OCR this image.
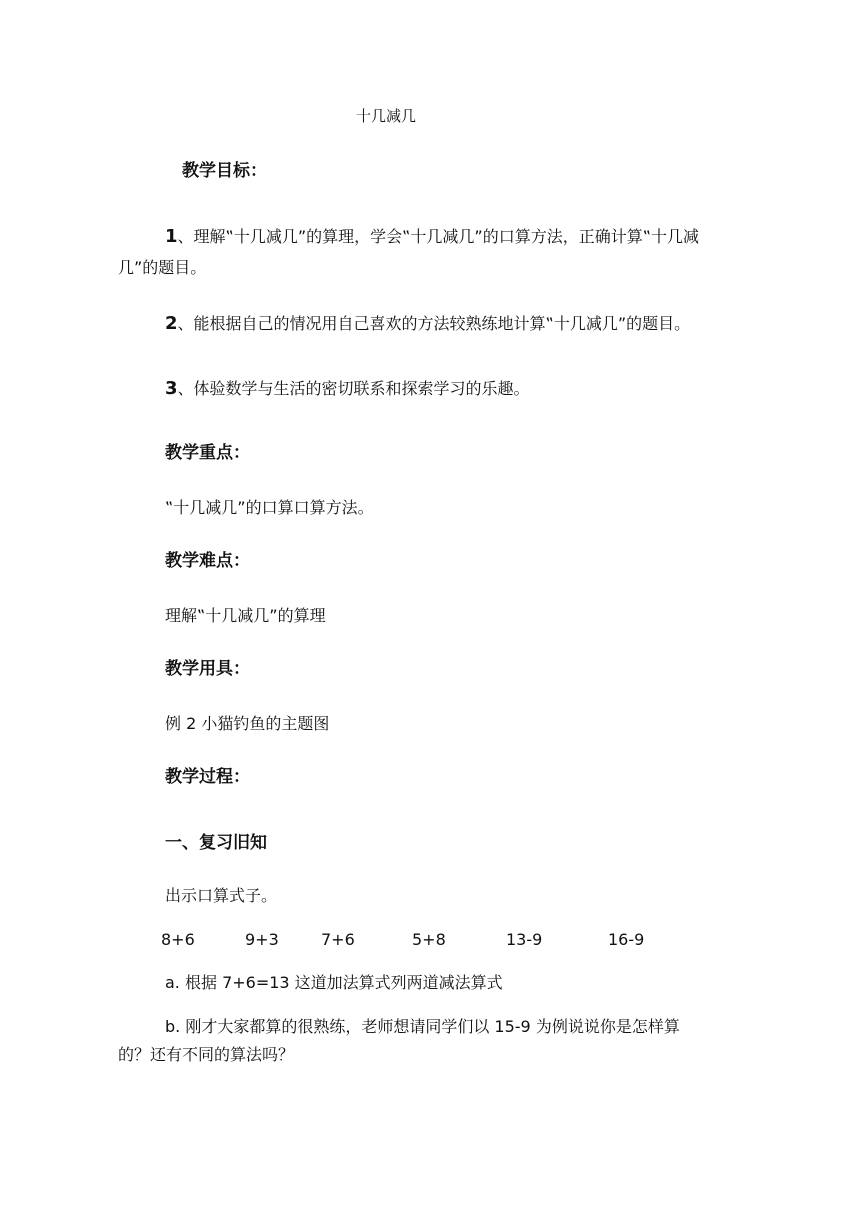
十几减几
教学目标：
1、理解‟十几减几”的算理，学会‟十几减几”的口算方法，正确计算‟十几减
几”的题目。
2、能根据自己的情况用自己喜欢的方法较熟练地计算‟十几减几”的题目。
3、体验数学与生活的密切联系和探索学习的乐趣。
教学重点：
‟十几减几”的口算口算方法。
教学难点：
理解‟十几减几”的算理
教学用具：
例 2 小猫钓鱼的主题图
教学过程：
一、复习旧知
出示口算式子。
8+6	9+3	7+6	5+8	13-9	16-9
a. 根据 7+6=13 这道加法算式列两道减法算式
b. 刚才大家都算的很熟练，老师想请同学们以 15-9 为例说说你是怎样算
的？还有不同的算法吗？
